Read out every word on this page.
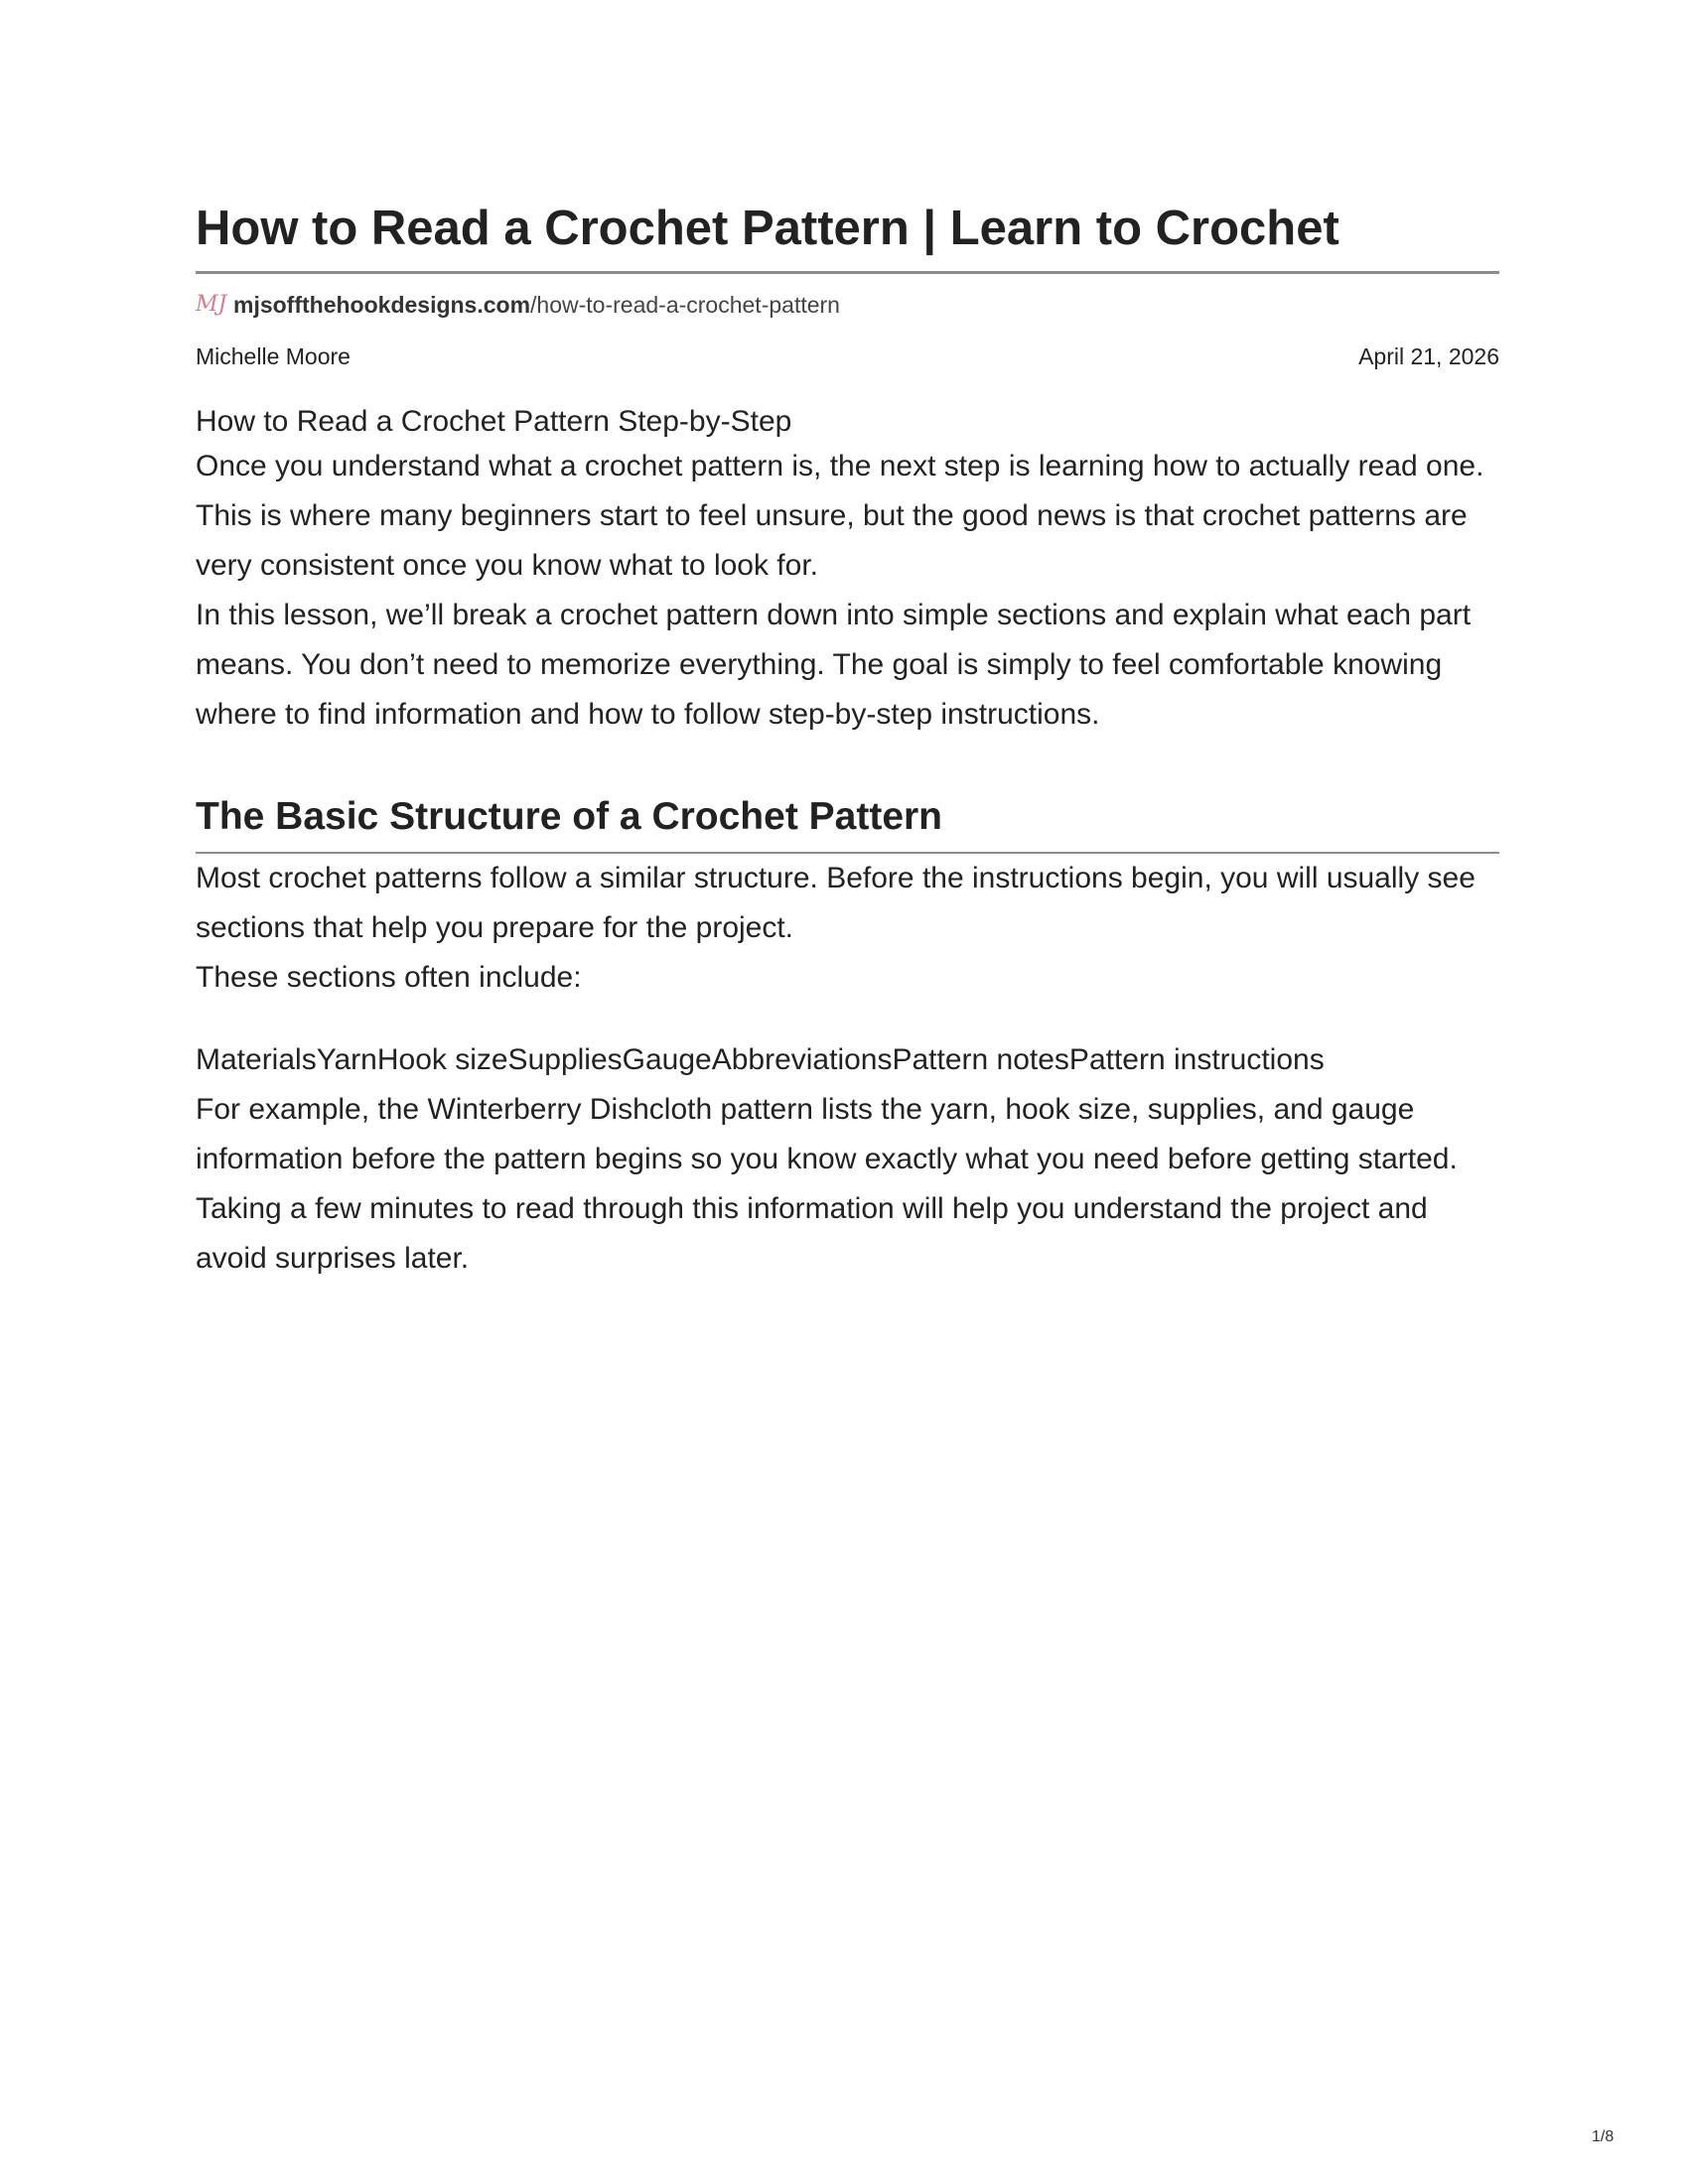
How to Read a Crochet Pattern | Learn to Crochet
MJ mjsoffthehookdesigns.com /how-to-read-a-crochet-pattern
Michelle Moore	April 21, 2026
How to Read a Crochet Pattern Step-by-Step

Once you understand what a crochet pattern is, the next step is learning how to actually read one. This is where many beginners start to feel unsure, but the good news is that crochet patterns are very consistent once you know what to look for.

In this lesson, we’ll break a crochet pattern down into simple sections and explain what each part means. You don’t need to memorize everything. The goal is simply to feel comfortable knowing where to find information and how to follow step-by-step instructions.

The Basic Structure of a Crochet Pattern

Most crochet patterns follow a similar structure. Before the instructions begin, you will usually see sections that help you prepare for the project.

These sections often include:

MaterialsYarnHook sizeSuppliesGaugeAbbreviationsPattern notesPattern instructions

For example, the Winterberry Dishcloth pattern lists the yarn, hook size, supplies, and gauge information before the pattern begins so you know exactly what you need before getting started.

Taking a few minutes to read through this information will help you understand the project and avoid surprises later.

1/8
